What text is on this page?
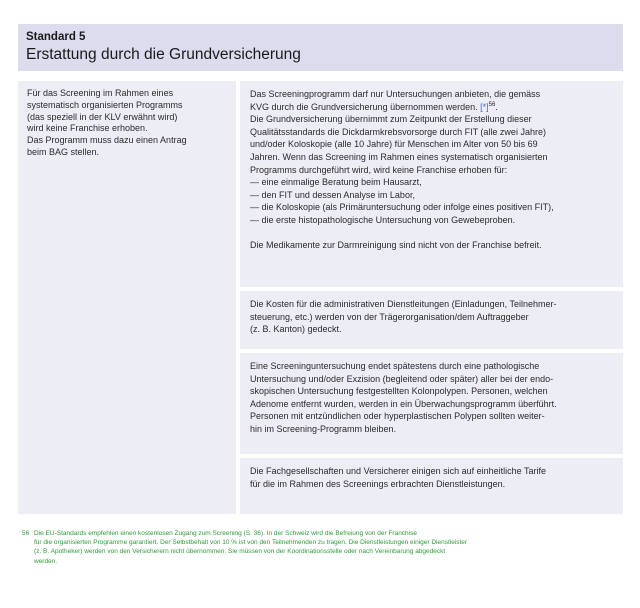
Standard 5
Erstattung durch die Grundversicherung
Für das Screening im Rahmen eines
systematisch organisierten Programms
(das speziell in der KLV erwähnt wird)
wird keine Franchise erhoben.
Das Programm muss dazu einen Antrag
beim BAG stellen.

Das Screeningprogramm darf nur Untersuchungen anbieten, die gemäss

KVG durch die Grundversicherung übernommen werden. $[*]^{56}$.

Die Grundversicherung übernimmt zum Zeitpunkt der Erstellung dieser

Qualitätsstandards die Dickdarmkrebsvorsorge durch FIT (alle zwei Jahre)

und/oder Koloskopie (alle 10 Jahre) für Menschen im Alter von 50 bis 69

Jahren. Wenn das Screening im Rahmen eines systematisch organisierten

Programms durchgeführt wird, wird keine Franchise erhoben für:

— eine einmalige Beratung beim Hausarzt,
— den FIT und dessen Analyse im Labor,
— die Koloskopie (als Primäruntersuchung oder infolge eines positiven FIT),
— die erste histopathologische Untersuchung von Gewebeproben.

Die Medikamente zur Darmreinigung sind nicht von der Franchise befreit.

Die Kosten für die administrativen Dienstleitungen (Einladungen, Teilnehmer-

steuerung, etc.) werden von der Trägerorganisation/dem Auftraggeber

(z. B. Kanton) gedeckt.

Eine Screeninguntersuchung endet spätestens durch eine pathologische

Untersuchung und/oder Exzision (begleitend oder später) aller bei der endo-

skopischen Untersuchung festgestellten Kolonpolypen. Personen, welchen

Adenome entfernt wurden, werden in ein Überwachungsprogramm überführt.

Personen mit entzündlichen oder hyperplastischen Polypen sollten weiter-

hin im Screening-Programm bleiben.

Die Fachgesellschaften und Versicherer einigen sich auf einheitliche Tarife

für die im Rahmen des Screenings erbrachten Dienstleistungen.

56 Die EU-Standards empfehlen einen kostenlosen Zugang zum Screening (S. 36). In der Schweiz wird die Befreiung von der Franchise
für die organisierten Programme garantiert. Der Selbstbehalt von 10 % ist von den Teilnehmenden zu tragen. Die Dienstleistungen einiger Dienstleister
(z. B. Apotheker) werden von den Versicherern nicht übernommen. Sie müssen von der Koordinationsstelle oder nach Vereinbarung abgedeckt
werden.
